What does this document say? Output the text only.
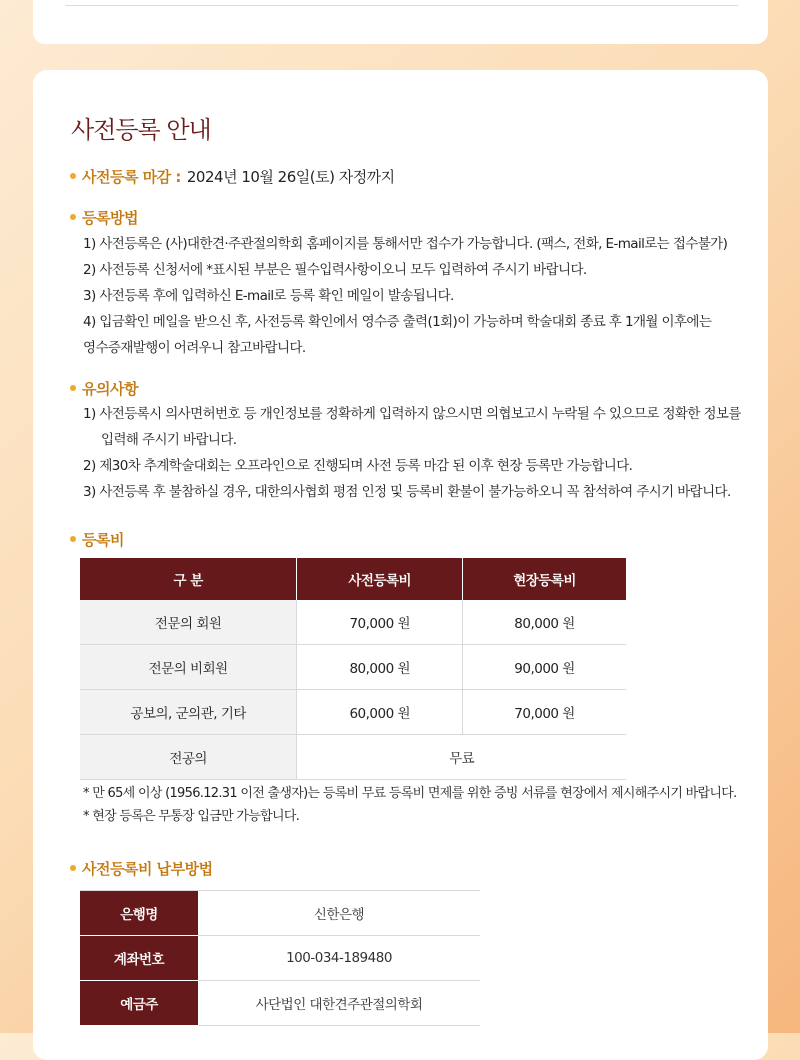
사전등록 안내
사전등록 마감 : 2024년 10월 26일(토) 자정까지
등록방법
1) 사전등록은 (사)대한견·주관절의학회 홈페이지를 통해서만 접수가 가능합니다. (팩스, 전화, E-mail로는 접수불가)
2) 사전등록 신청서에 *표시된 부분은 필수입력사항이오니 모두 입력하여 주시기 바랍니다.
3) 사전등록 후에 입력하신 E-mail로 등록 확인 메일이 발송됩니다.
4) 입금확인 메일을 받으신 후, 사전등록 확인에서 영수증 출력(1회)이 가능하며 학술대회 종료 후 1개월 이후에는
영수증재발행이 어려우니 참고바랍니다.
유의사항
1) 사전등록시 의사면허번호 등 개인정보를 정확하게 입력하지 않으시면 의협보고시 누락될 수 있으므로 정확한 정보를
입력해 주시기 바랍니다.
2) 제30차 추계학술대회는 오프라인으로 진행되며 사전 등록 마감 된 이후 현장 등록만 가능합니다.
3) 사전등록 후 불참하실 경우, 대한의사협회 평점 인정 및 등록비 환불이 불가능하오니 꼭 참석하여 주시기 바랍니다.
등록비
구 분	사전등록비	현장등록비
전문의 회원	70,000 원	80,000 원
전문의 비회원	80,000 원	90,000 원
공보의, 군의관, 기타	60,000 원	70,000 원
전공의	무료	
* 만 65세 이상 (1956.12.31 이전 출생자)는 등록비 무료 등록비 면제를 위한 증빙 서류를 현장에서 제시해주시기 바랍니다.
* 현장 등록은 무통장 입금만 가능합니다.
사전등록비 납부방법
은행명	신한은행
계좌번호	100-034-189480
예금주	사단법인 대한견주관절의학회
